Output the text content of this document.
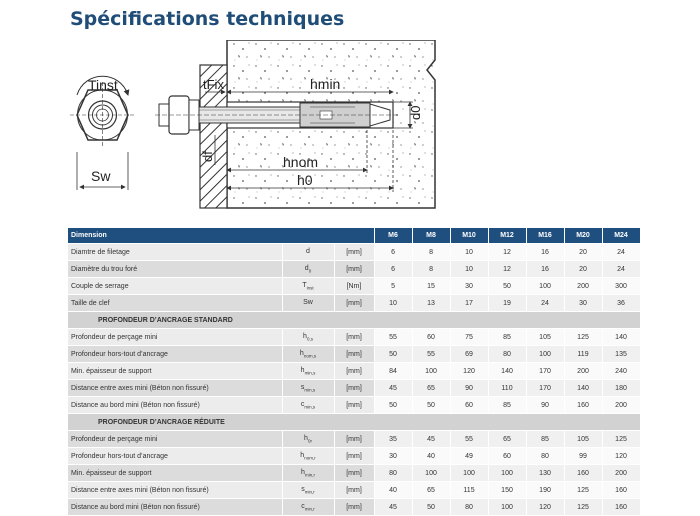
Spécifications techniques
Tinst
Sw
tFix	hmin
d0
df	hnom
h0
Dimension			M6	M8	M10	M12	M16	M20	M24
Diamtre de filetage	d	[mm]	6	8	10	12	16	20	24
Diamètre du trou foré	$d_0$	[mm]	6	8	10	12	16	20	24
Couple de serrage	$T_{inst}$	[Nm]	5	15	30	50	100	200	300
Taille de clef	Sw	[mm]	10	13	17	19	24	30	36
PROFONDEUR D’ANCRAGE STANDARD									
Profondeur de perçage mini	$h_{0,s}$	[mm]	55	60	75	85	105	125	140
Profondeur hors-tout d’ancrage	$h_{nom,s}$	[mm]	50	55	69	80	100	119	135
Min. épaisseur de support	$h_{min,s}$	[mm]	84	100	120	140	170	200	240
Distance entre axes mini (Béton non fissuré)	$s_{min,s}$	[mm]	45	65	90	110	170	140	180
Distance au bord mini (Béton non fissuré)	$c_{min,s}$	[mm]	50	50	60	85	90	160	200
PROFONDEUR D’ANCRAGE RÉDUITE									
Profondeur de perçage mini	$h_{0r}$	[mm]	35	45	55	65	85	105	125
Profondeur hors-tout d’ancrage	$h_{nom,r}$	[mm]	30	40	49	60	80	99	120
Min. épaisseur de support	$h_{min,r}$	[mm]	80	100	100	100	130	160	200
Distance entre axes mini (Béton non fissuré)	$s_{min,r}$	[mm]	40	65	115	150	190	125	160
Distance au bord mini (Béton non fissuré)	$c_{min,r}$	[mm]	45	50	80	100	120	125	160
